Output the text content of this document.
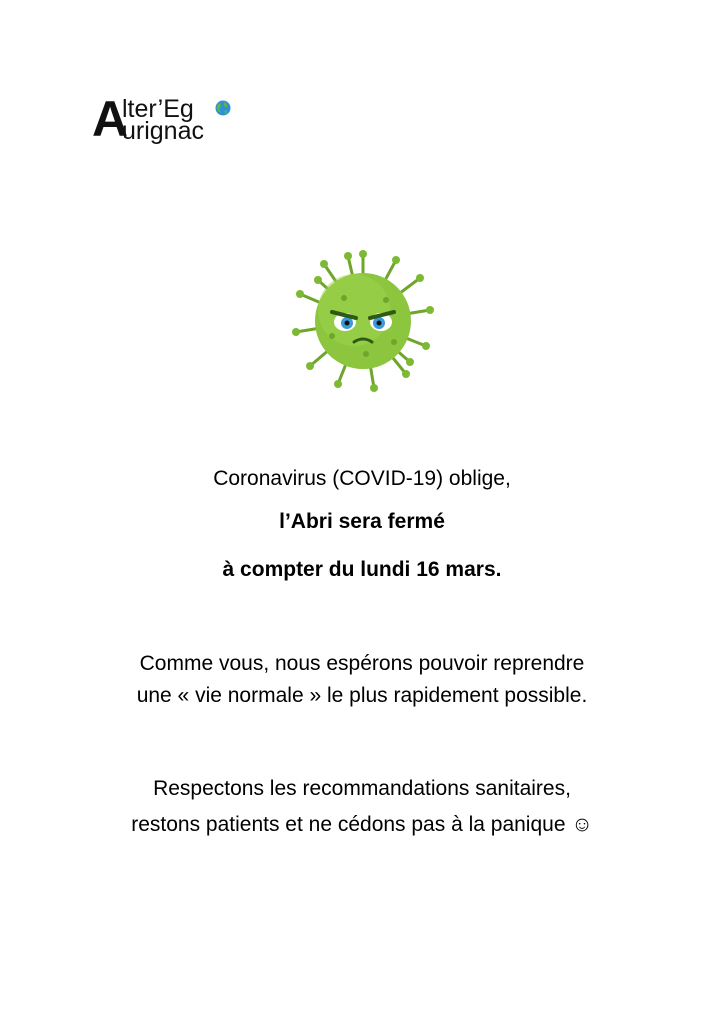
A
lter’Eg
urignac
Coronavirus (COVID-19) oblige,
l’Abri sera fermé
à compter du lundi 16 mars.
Comme vous, nous espérons pouvoir reprendre
une « vie normale » le plus rapidement possible.
Respectons les recommandations sanitaires,
restons patients et ne cédons pas à la panique ☺
